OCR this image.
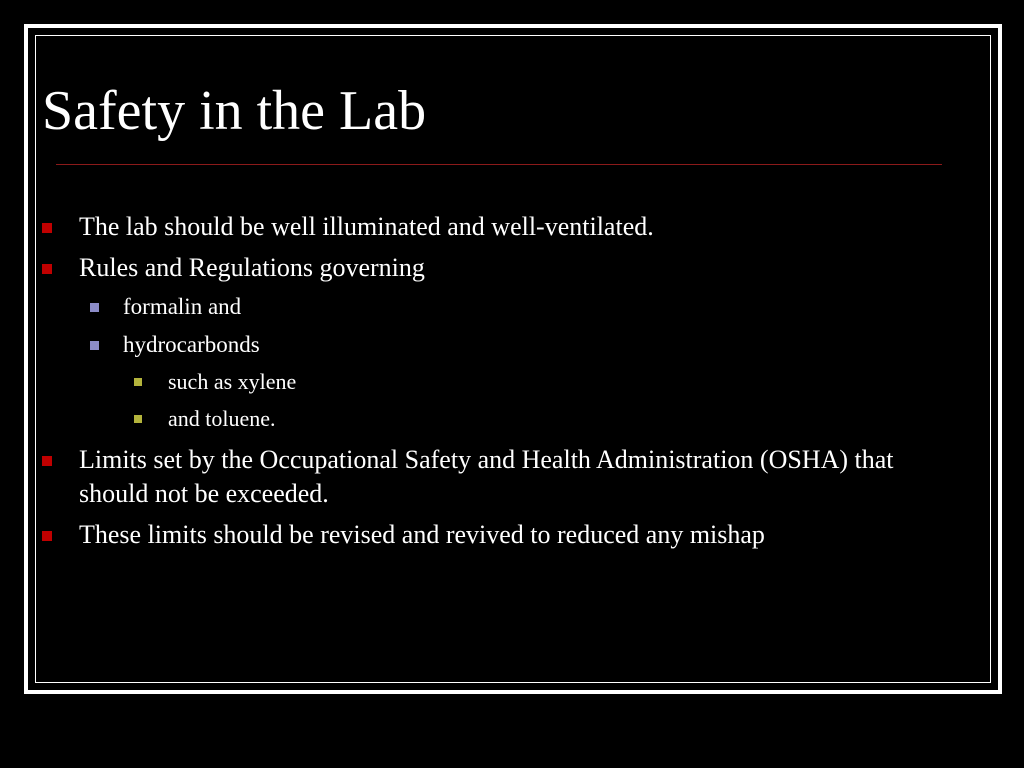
Safety in the Lab
The lab should be well illuminated and well-ventilated.
Rules and Regulations governing
formalin and
hydrocarbonds
such as xylene
and toluene.
Limits set by the Occupational Safety and Health Administration (OSHA) that should not be exceeded.
These limits should be revised and revived to reduced any mishap
